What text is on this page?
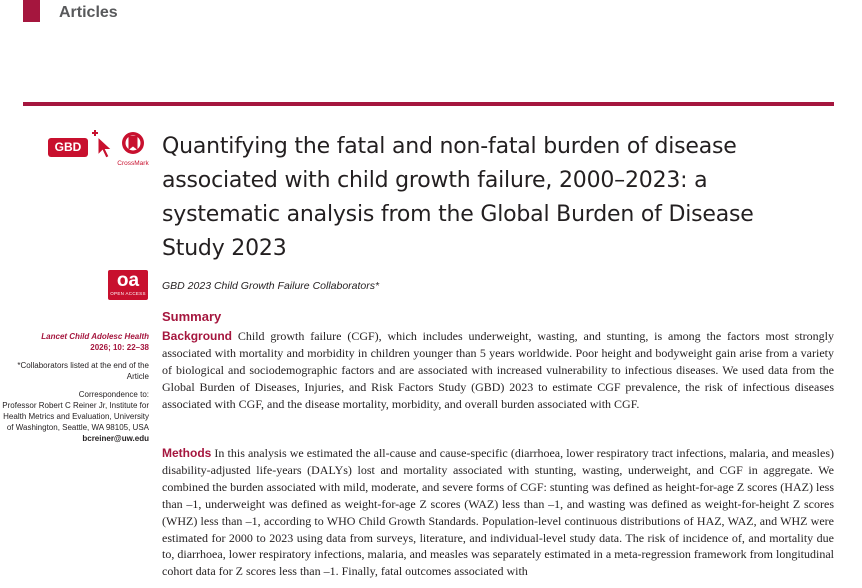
Articles
GBD
CrossMark
Quantifying the fatal and non-fatal burden of disease associated with child growth failure, 2000–2023: a systematic analysis from the Global Burden of Disease Study 2023
oa
OPEN ACCESS
GBD 2023 Child Growth Failure Collaborators*

Lancet Child Adolesc Health

2026; 10: 22–38

*Collaborators listed at the end of the Article

Correspondence to:

Professor Robert C Reiner Jr, Institute for Health Metrics and Evaluation, University of Washington, Seattle, WA 98105, USA

bcreiner@uw.edu

Summary

Background Child growth failure (CGF), which includes underweight, wasting, and stunting, is among the factors most strongly associated with mortality and morbidity in children younger than 5 years worldwide. Poor height and bodyweight gain arise from a variety of biological and sociodemographic factors and are associated with increased vulnerability to infectious diseases. We used data from the Global Burden of Diseases, Injuries, and Risk Factors Study (GBD) 2023 to estimate CGF prevalence, the risk of infectious diseases associated with CGF, and the disease mortality, morbidity, and overall burden associated with CGF.

Methods In this analysis we estimated the all-cause and cause-specific (diarrhoea, lower respiratory tract infections, malaria, and measles) disability-adjusted life-years (DALYs) lost and mortality associated with stunting, wasting, underweight, and CGF in aggregate. We combined the burden associated with mild, moderate, and severe forms of CGF: stunting was defined as height-for-age Z scores (HAZ) less than –1, underweight was defined as weight-for-age Z scores (WAZ) less than –1, and wasting was defined as weight-for-height Z scores (WHZ) less than –1, according to WHO Child Growth Standards. Population-level continuous distributions of HAZ, WAZ, and WHZ were estimated for 2000 to 2023 using data from surveys, literature, and individual-level study data. The risk of incidence of, and mortality due to, diarrhoea, lower respiratory infections, malaria, and measles was separately estimated in a meta-regression framework from longitudinal cohort data for Z scores less than –1. Finally, fatal outcomes associated with
